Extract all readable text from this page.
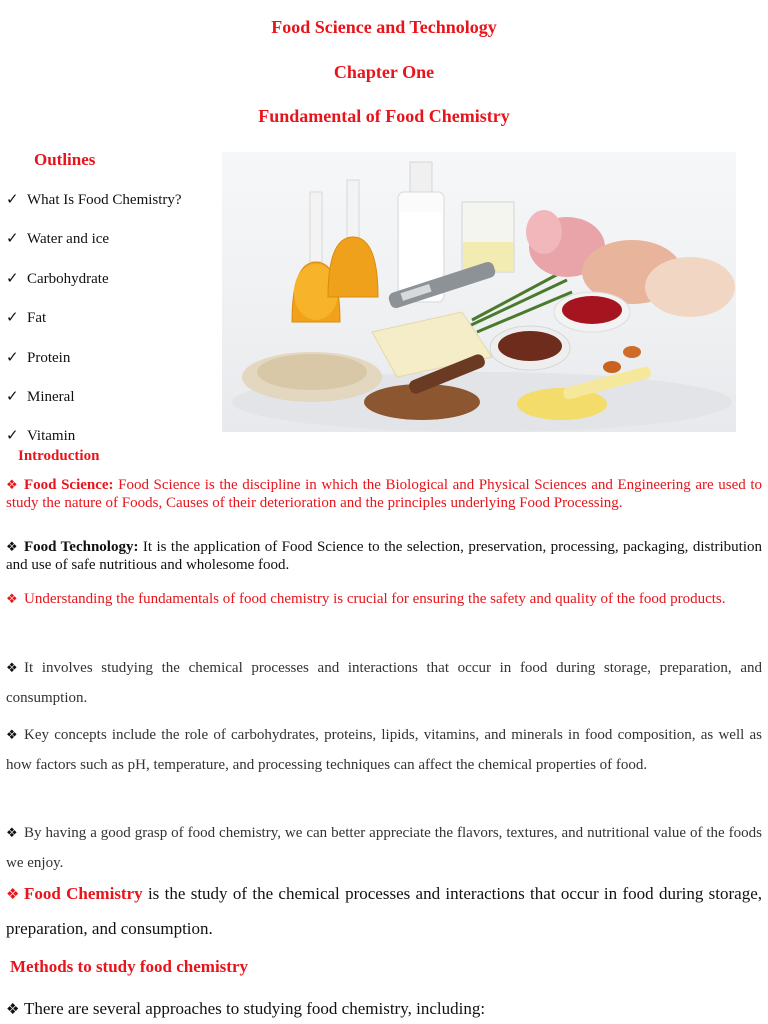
Food Science and Technology
Chapter One
Fundamental of Food Chemistry
Outlines
✓ What Is Food Chemistry?
✓ Water and ice
✓ Carbohydrate
✓ Fat
✓ Protein
✓ Mineral
✓ Vitamin
Introduction

❖ Food Science: Food Science is the discipline in which the Biological and Physical Sciences and Engineering are used to study the nature of Foods, Causes of their deterioration and the principles underlying Food Processing.

❖ Food Technology: It is the application of Food Science to the selection, preservation, processing, packaging, distribution and use of safe nutritious and wholesome food.

❖ Understanding the fundamentals of food chemistry is crucial for ensuring the safety and quality of the food products.

❖ It involves studying the chemical processes and interactions that occur in food during storage, preparation, and consumption.

❖ Key concepts include the role of carbohydrates, proteins, lipids, vitamins, and minerals in food composition, as well as how factors such as pH, temperature, and processing techniques can affect the chemical properties of food.

❖ By having a good grasp of food chemistry, we can better appreciate the flavors, textures, and nutritional value of the foods we enjoy.

❖ Food Chemistry is the study of the chemical processes and interactions that occur in food during storage, preparation, and consumption.

Methods to study food chemistry

❖ There are several approaches to studying food chemistry, including:
